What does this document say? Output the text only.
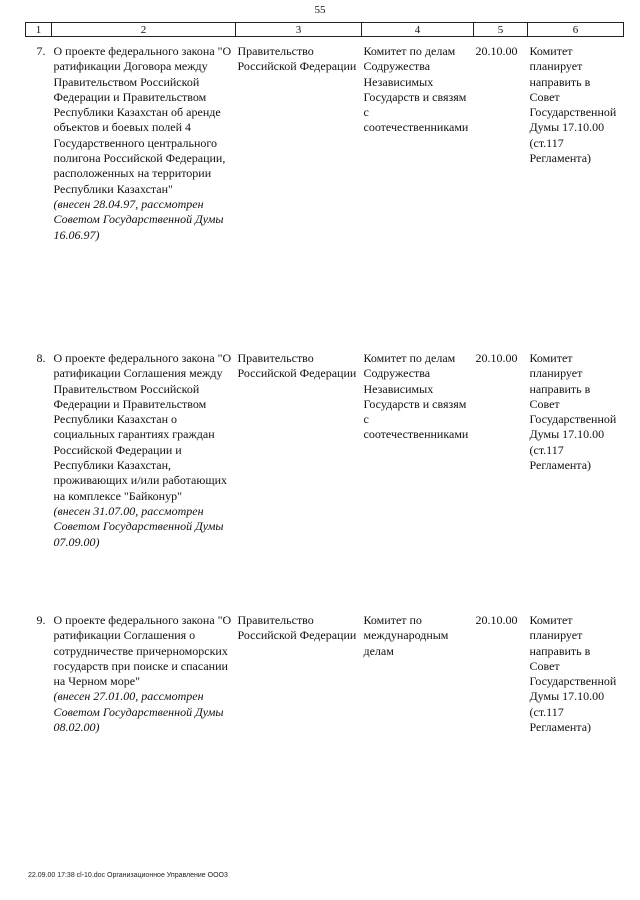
55
1	2	3	4	5	6
7.	О проекте федерального закона "О ратификации Договора между Правительством Российской Федерации и Правительством Республики Казахстан об аренде объектов и боевых полей 4 Государственного центрального полигона Российской Федерации, расположенных на территории Республики Казахстан"
(внесен 28.04.97, рассмотрен Советом Государственной Думы 16.06.97)	Правительство Российской Федерации	Комитет по делам Содружества Независимых Государств и связям с соотечественниками	20.10.00	Комитет планирует направить в Совет Государственной Думы 17.10.00 (ст.117 Регламента)
8.	О проекте федерального закона "О ратификации Соглашения между Правительством Российской Федерации и Правительством Республики Казахстан о социальных гарантиях граждан Российской Федерации и Республики Казахстан, проживающих и/или работающих на комплексе "Байконур"
(внесен 31.07.00, рассмотрен Советом Государственной Думы 07.09.00)	Правительство Российской Федерации	Комитет по делам Содружества Независимых Государств и связям с соотечественниками	20.10.00	Комитет планирует направить в Совет Государственной Думы 17.10.00 (ст.117 Регламента)
9.	О проекте федерального закона "О ратификации Соглашения о сотрудничестве причерноморских государств при поиске и спасании на Черном море"
(внесен 27.01.00, рассмотрен Советом Государственной Думы 08.02.00)	Правительство Российской Федерации	Комитет по международным делам	20.10.00	Комитет планирует направить в Совет Государственной Думы 17.10.00 (ст.117 Регламента)
22.09.00 17:38 cl-10.doc Организационное Управление ООО3
